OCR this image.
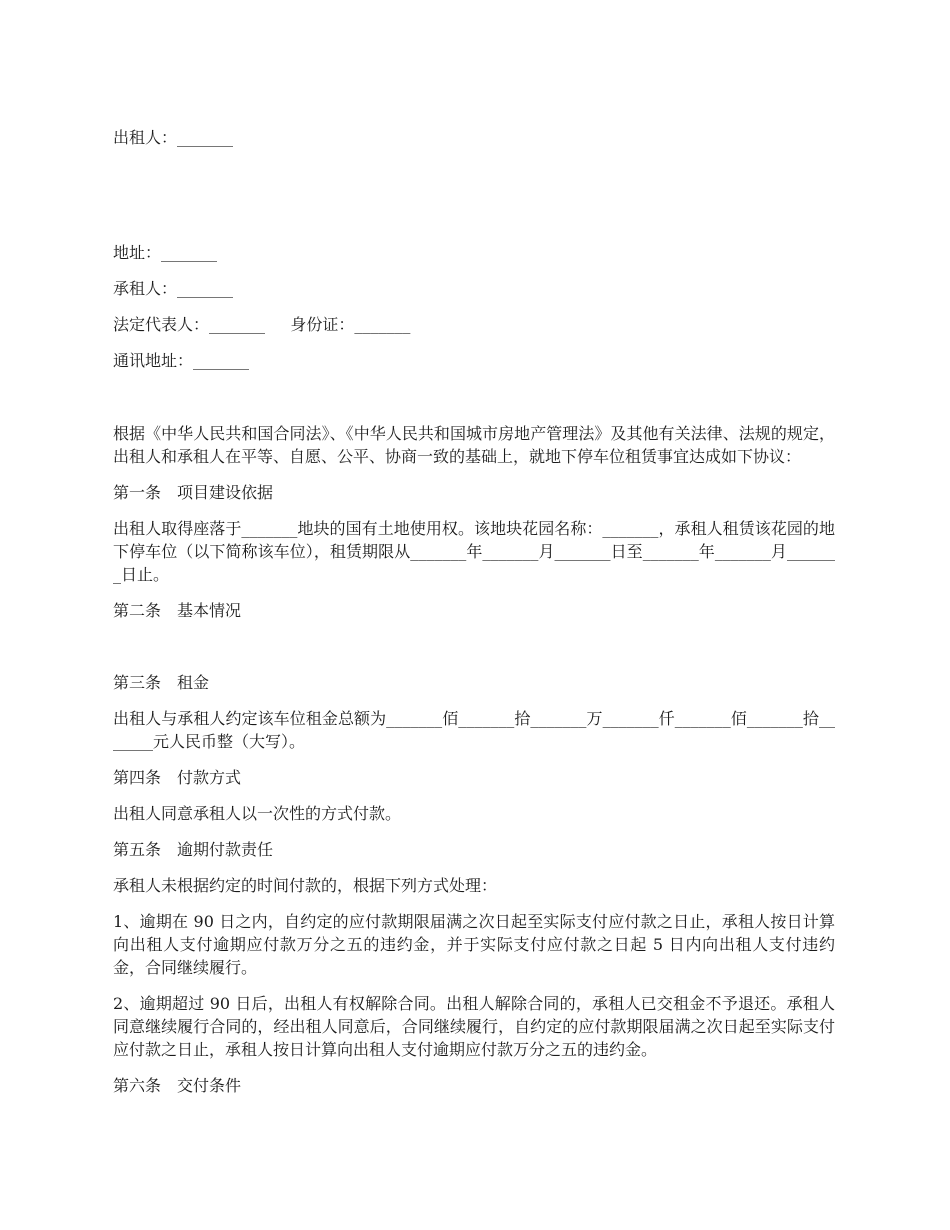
出租人：_______

地址：_______

承租人：_______

法定代表人：_______     身份证：_______

通讯地址：_______

根据《中华人民共和国合同法》、《中华人民共和国城市房地产管理法》及其他有关法律、法规的规定，出租人和承租人在平等、自愿、公平、协商一致的基础上，就地下停车位租赁事宜达成如下协议：

第一条　项目建设依据

出租人取得座落于_______地块的国有土地使用权。该地块花园名称：_______，承租人租赁该花园的地下停车位（以下简称该车位），租赁期限从_______年_______月_______日至_______年_______月_______日止。

第二条　基本情况

第三条　租金

出租人与承租人约定该车位租金总额为_______佰_______拾_______万_______仟_______佰_______拾_______元人民币整（大写）。

第四条　付款方式

出租人同意承租人以一次性的方式付款。

第五条　逾期付款责任

承租人未根据约定的时间付款的，根据下列方式处理：

1、逾期在 90 日之内，自约定的应付款期限届满之次日起至实际支付应付款之日止，承租人按日计算向出租人支付逾期应付款万分之五的违约金，并于实际支付应付款之日起 5 日内向出租人支付违约金，合同继续履行。

2、逾期超过 90 日后，出租人有权解除合同。出租人解除合同的，承租人已交租金不予退还。承租人同意继续履行合同的，经出租人同意后，合同继续履行，自约定的应付款期限届满之次日起至实际支付应付款之日止，承租人按日计算向出租人支付逾期应付款万分之五的违约金。

第六条　交付条件
